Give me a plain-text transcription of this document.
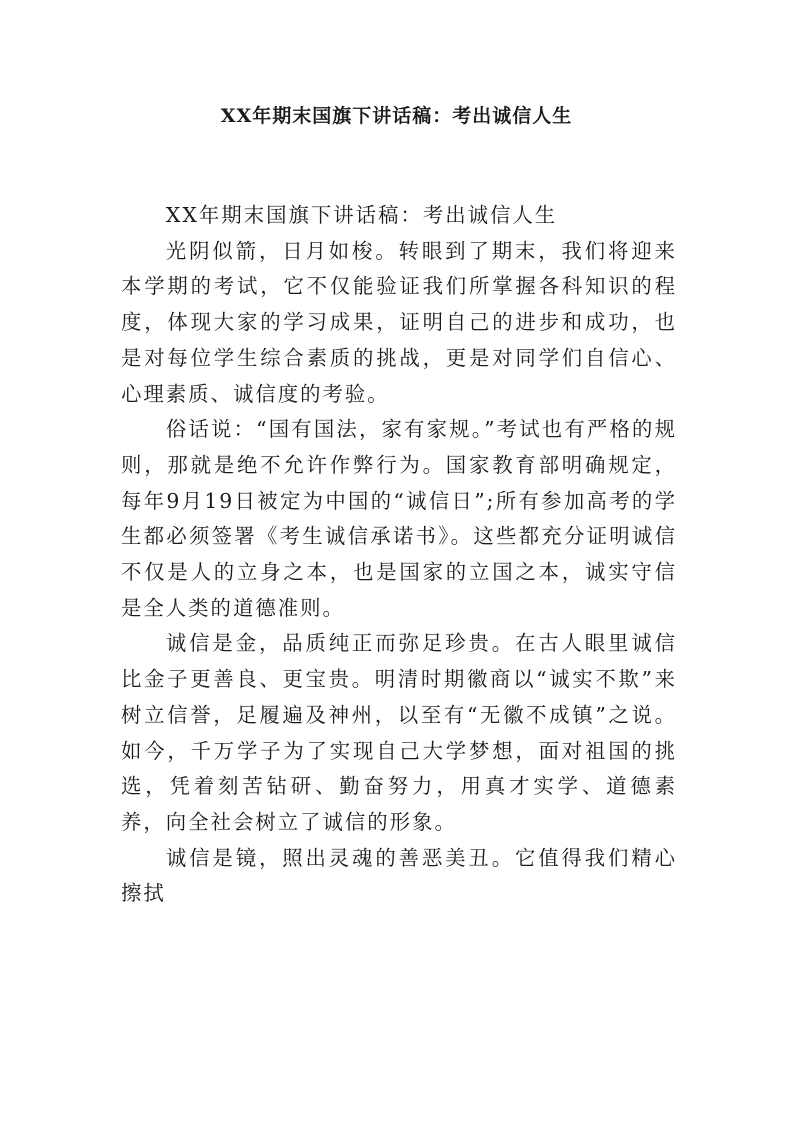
XX年期末国旗下讲话稿：考出诚信人生

XX年期末国旗下讲话稿：考出诚信人生

光阴似箭，日月如梭。转眼到了期末，我们将迎来本学期的考试，它不仅能验证我们所掌握各科知识的程度，体现大家的学习成果，证明自己的进步和成功，也是对每位学生综合素质的挑战，更是对同学们自信心、心理素质、诚信度的考验。

俗话说：“国有国法，家有家规。”考试也有严格的规则，那就是绝不允许作弊行为。国家教育部明确规定，每年9月19日被定为中国的“诚信日”;所有参加高考的学生都必须签署《考生诚信承诺书》。这些都充分证明诚信不仅是人的立身之本，也是国家的立国之本，诚实守信是全人类的道德准则。

诚信是金，品质纯正而弥足珍贵。在古人眼里诚信比金子更善良、更宝贵。明清时期徽商以“诚实不欺”来树立信誉，足履遍及神州，以至有“无徽不成镇”之说。如今，千万学子为了实现自己大学梦想，面对祖国的挑选，凭着刻苦钻研、勤奋努力，用真才实学、道德素养，向全社会树立了诚信的形象。

诚信是镜，照出灵魂的善恶美丑。它值得我们精心擦拭
